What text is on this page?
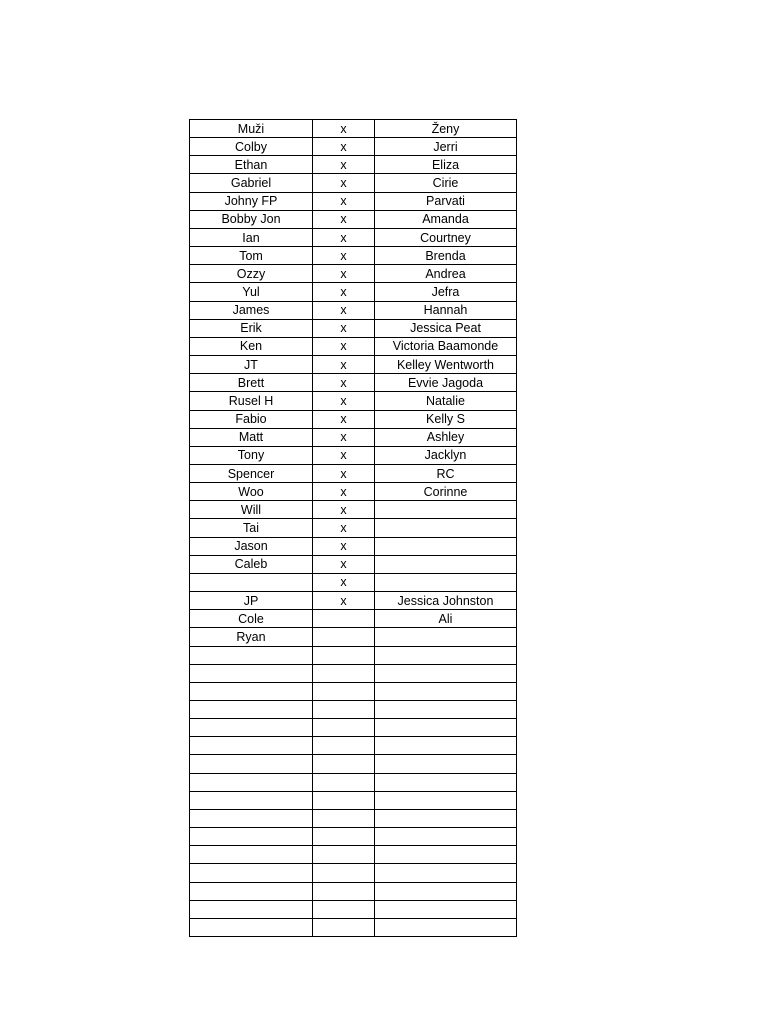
Muži	x	Ženy
Colby	x	Jerri
Ethan	x	Eliza
Gabriel	x	Cirie
Johny FP	x	Parvati
Bobby Jon	x	Amanda
Ian	x	Courtney
Tom	x	Brenda
Ozzy	x	Andrea
Yul	x	Jefra
James	x	Hannah
Erik	x	Jessica Peat
Ken	x	Victoria Baamonde
JT	x	Kelley Wentworth
Brett	x	Evvie Jagoda
Rusel H	x	Natalie
Fabio	x	Kelly S
Matt	x	Ashley
Tony	x	Jacklyn
Spencer	x	RC
Woo	x	Corinne
Will	x	
Tai	x	
Jason	x	
Caleb	x	
	x	
JP	x	Jessica Johnston
Cole		Ali
Ryan		
